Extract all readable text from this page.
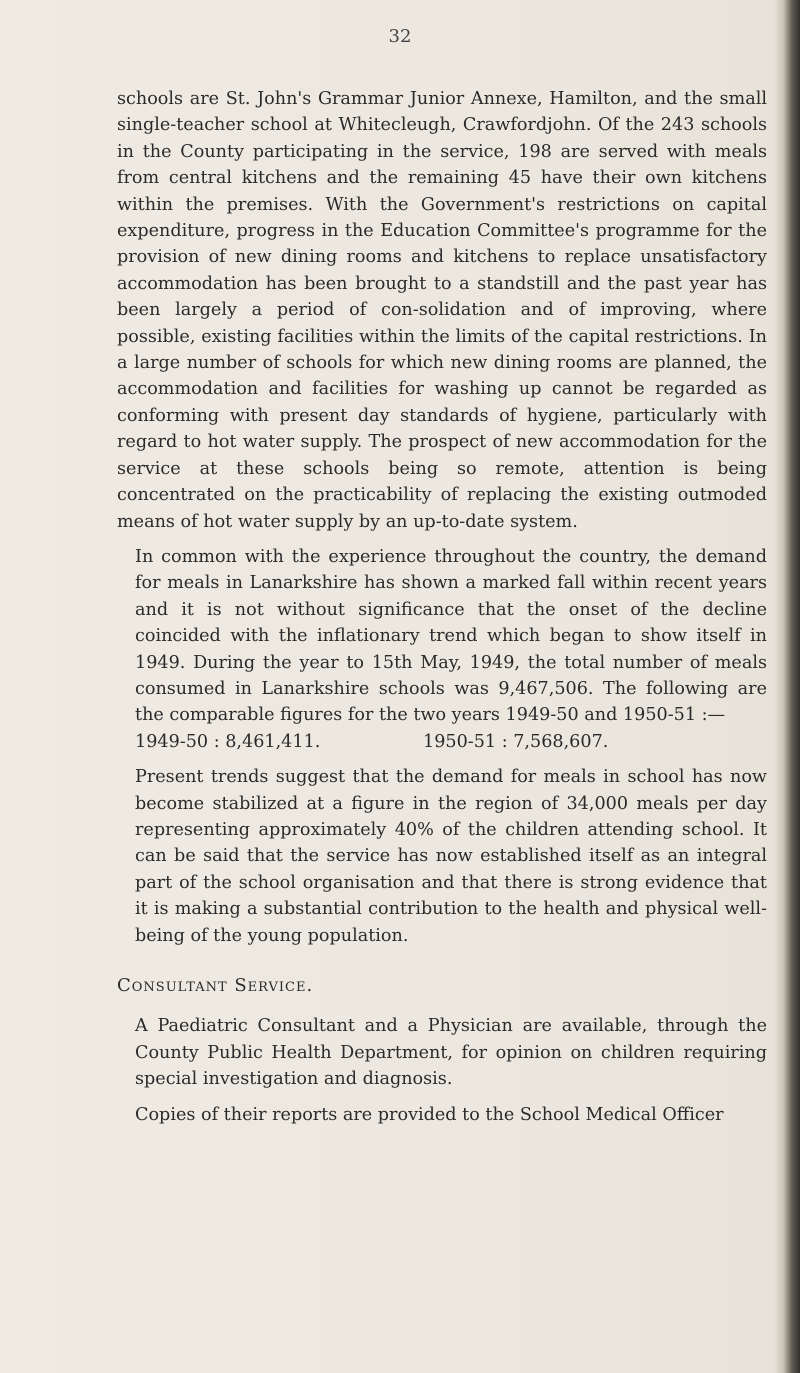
32

schools are St. John's Grammar Junior Annexe, Hamilton, and the small single-teacher school at Whitecleugh, Crawfordjohn. Of the 243 schools in the County participating in the service, 198 are served with meals from central kitchens and the remaining 45 have their own kitchens within the premises. With the Government's restrictions on capital expenditure, progress in the Education Committee's programme for the provision of new dining rooms and kitchens to replace unsatisfactory accommodation has been brought to a standstill and the past year has been largely a period of con-solidation and of improving, where possible, existing facilities within the limits of the capital restrictions. In a large number of schools for which new dining rooms are planned, the accommodation and facilities for washing up cannot be regarded as conforming with present day standards of hygiene, particularly with regard to hot water supply. The prospect of new accommodation for the service at these schools being so remote, attention is being concentrated on the practicability of replacing the existing outmoded means of hot water supply by an up-to-date system.

In common with the experience throughout the country, the demand for meals in Lanarkshire has shown a marked fall within recent years and it is not without significance that the onset of the decline coincided with the inflationary trend which began to show itself in 1949. During the year to 15th May, 1949, the total number of meals consumed in Lanarkshire schools was 9,467,506. The following are the comparable figures for the two years 1949-50 and 1950-51 :—

1949-50 : 8,461,411.	1950-51 : 7,568,607.

Present trends suggest that the demand for meals in school has now become stabilized at a figure in the region of 34,000 meals per day representing approximately 40% of the children attending school. It can be said that the service has now established itself as an integral part of the school organisation and that there is strong evidence that it is making a substantial contribution to the health and physical well-being of the young population.

Consultant Service.

A Paediatric Consultant and a Physician are available, through the County Public Health Department, for opinion on children requiring special investigation and diagnosis.

Copies of their reports are provided to the School Medical Officer
